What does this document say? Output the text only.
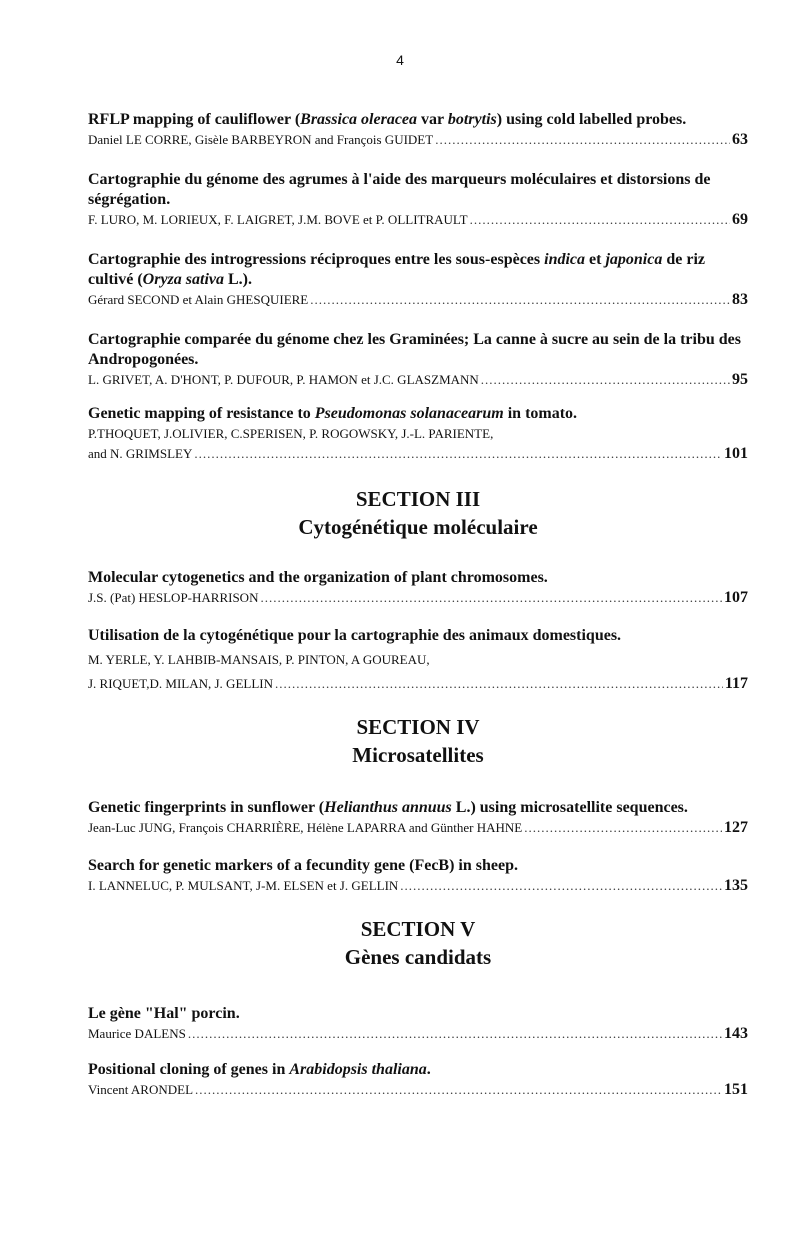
4
RFLP mapping of cauliflower (Brassica oleracea var botrytis) using cold labelled probes.
Daniel LE CORRE, Gisèle BARBEYRON and François GUIDET .....	63
Cartographie du génome des agrumes à l'aide des marqueurs moléculaires et distorsions de ségrégation.
F. LURO, M. LORIEUX, F. LAIGRET, J.M. BOVE et P. OLLITRAULT .....	69
Cartographie des introgressions réciproques entre les sous-espèces indica et japonica de riz cultivé (Oryza sativa L.).
Gérard SECOND et Alain GHESQUIERE .....	83
Cartographie comparée du génome chez les Graminées; La canne à sucre au sein de la tribu des Andropogonées.
L. GRIVET, A. D'HONT, P. DUFOUR, P. HAMON et J.C. GLASZMANN .....	95
Genetic mapping of resistance to Pseudomonas solanacearum in tomato.
P.THOQUET, J.OLIVIER, C.SPERISEN, P. ROGOWSKY, J.-L. PARIENTE,
and N. GRIMSLEY .....	101
SECTION III
Cytogénétique moléculaire
Molecular cytogenetics and the organization of plant chromosomes.
J.S. (Pat) HESLOP-HARRISON .....	107
Utilisation de la cytogénétique pour la cartographie des animaux domestiques.
M. YERLE, Y. LAHBIB-MANSAIS, P. PINTON, A GOUREAU,
J. RIQUET,D. MILAN, J. GELLIN .....	117
SECTION IV
Microsatellites
Genetic fingerprints in sunflower (Helianthus annuus L.) using microsatellite sequences.
Jean-Luc JUNG, François CHARRIÈRE, Hélène LAPARRA and Günther HAHNE .....	127
Search for genetic markers of a fecundity gene (FecB) in sheep.
I. LANNELUC, P. MULSANT, J-M. ELSEN et J. GELLIN .....	135
SECTION V
Gènes candidats
Le gène "Hal" porcin.
Maurice DALENS .....	143
Positional cloning of genes in Arabidopsis thaliana.
Vincent ARONDEL .....	151
